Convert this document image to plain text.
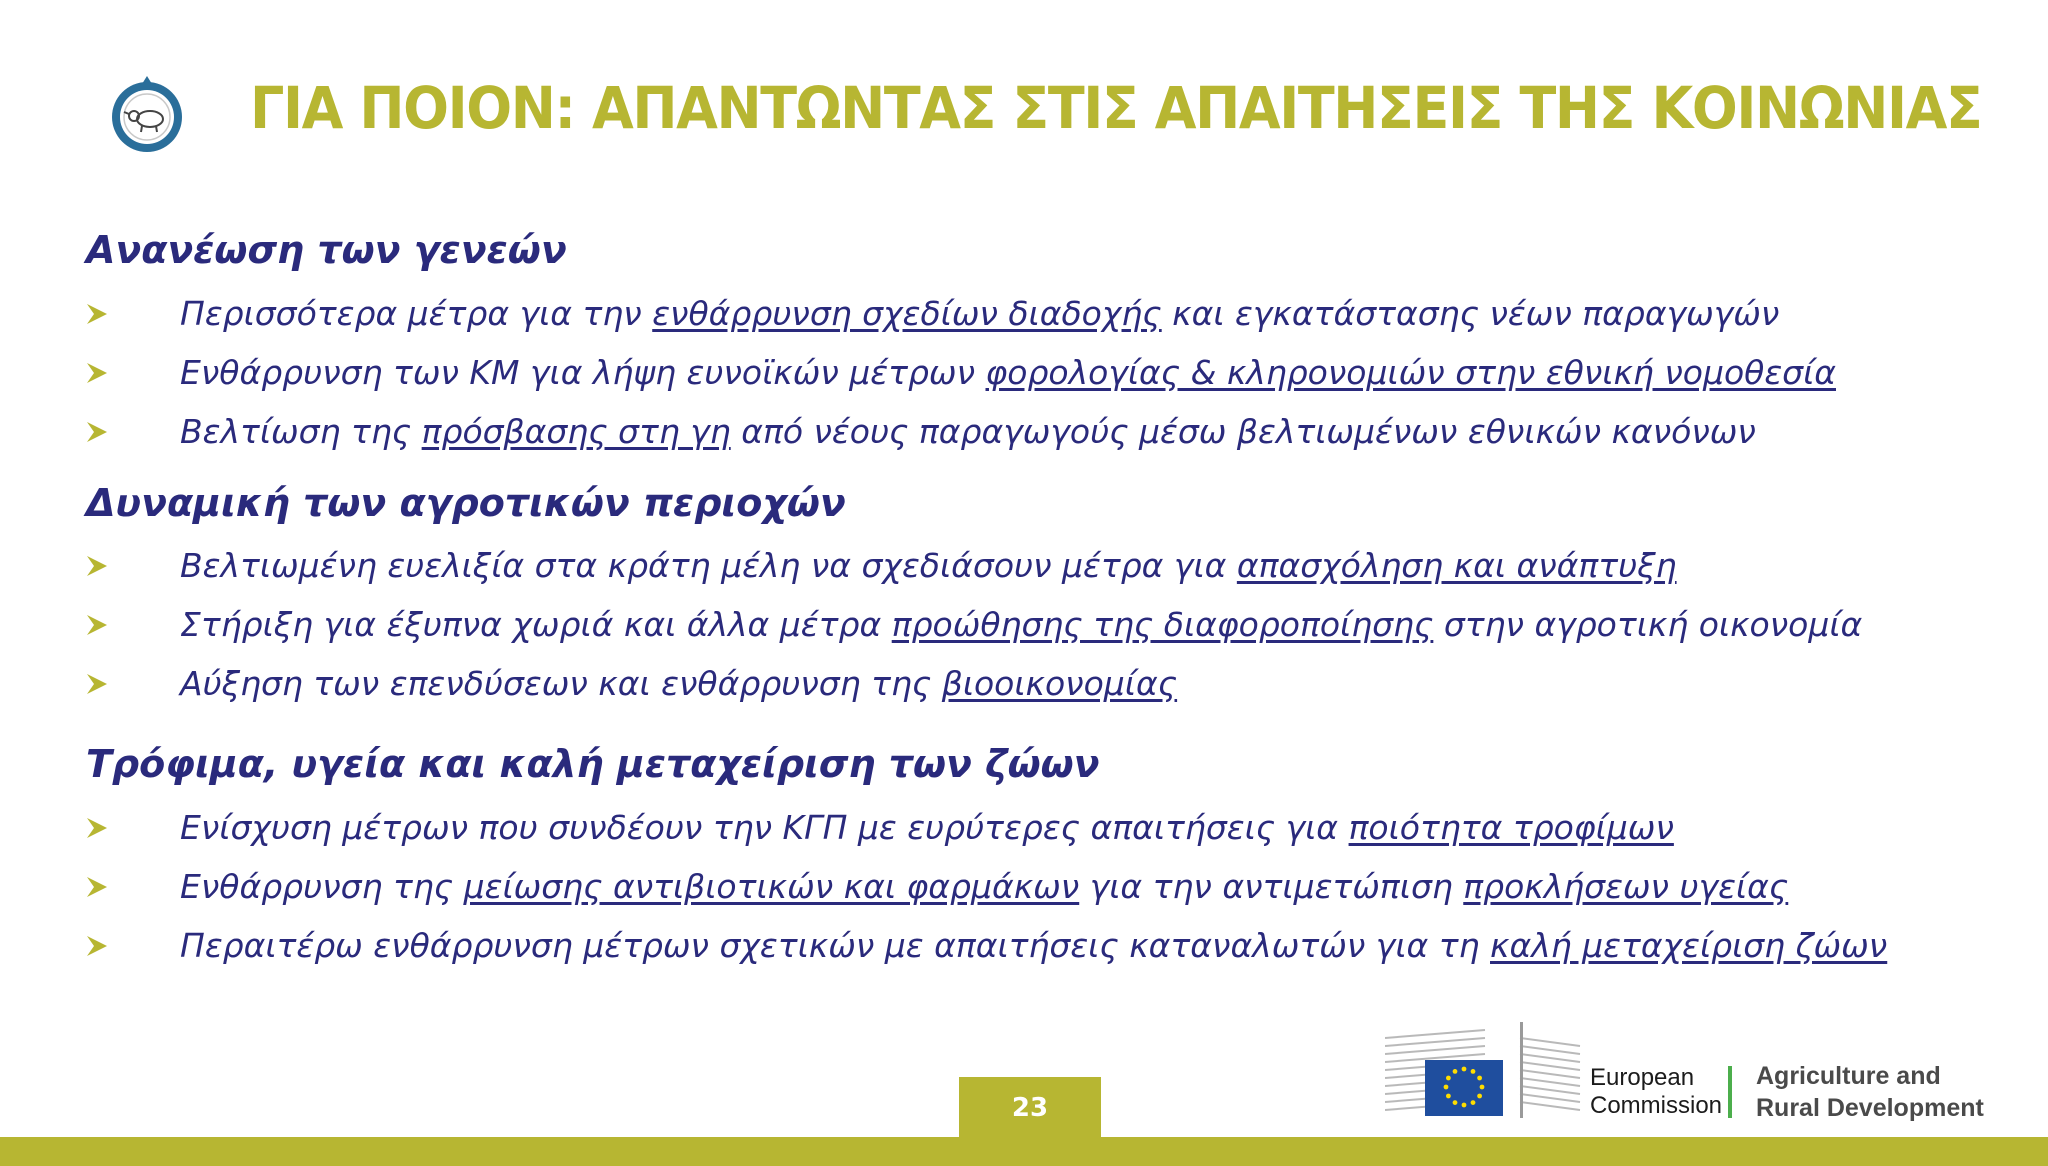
ΓΙΑ ΠΟΙΟΝ: ΑΠΑΝΤΩΝΤΑΣ ΣΤΙΣ ΑΠΑΙΤΗΣΕΙΣ ΤΗΣ ΚΟΙΝΩΝΙΑΣ
Ανανέωση των γενεών
Περισσότερα μέτρα για την ενθάρρυνση σχεδίων διαδοχής και εγκατάστασης νέων παραγωγών
Ενθάρρυνση των ΚΜ για λήψη ευνοϊκών μέτρων φορολογίας & κληρονομιών στην εθνική νομοθεσία
Βελτίωση της πρόσβασης στη γη από νέους παραγωγούς μέσω βελτιωμένων εθνικών κανόνων
Δυναμική των αγροτικών περιοχών
Βελτιωμένη ευελιξία στα κράτη μέλη να σχεδιάσουν μέτρα για απασχόληση και ανάπτυξη
Στήριξη για έξυπνα χωριά και άλλα μέτρα προώθησης της διαφοροποίησης στην αγροτική οικονομία
Αύξηση των επενδύσεων και ενθάρρυνση της βιοοικονομίας
Τρόφιμα, υγεία και καλή μεταχείριση των ζώων
Ενίσχυση μέτρων που συνδέουν την ΚΓΠ με ευρύτερες απαιτήσεις για ποιότητα τροφίμων
Ενθάρρυνση της μείωσης αντιβιοτικών και φαρμάκων για την αντιμετώπιση προκλήσεων υγείας
Περαιτέρω ενθάρρυνση μέτρων σχετικών με απαιτήσεις καταναλωτών για τη καλή μεταχείριση ζώων
23
European
Commission
Agriculture and
Rural Development
